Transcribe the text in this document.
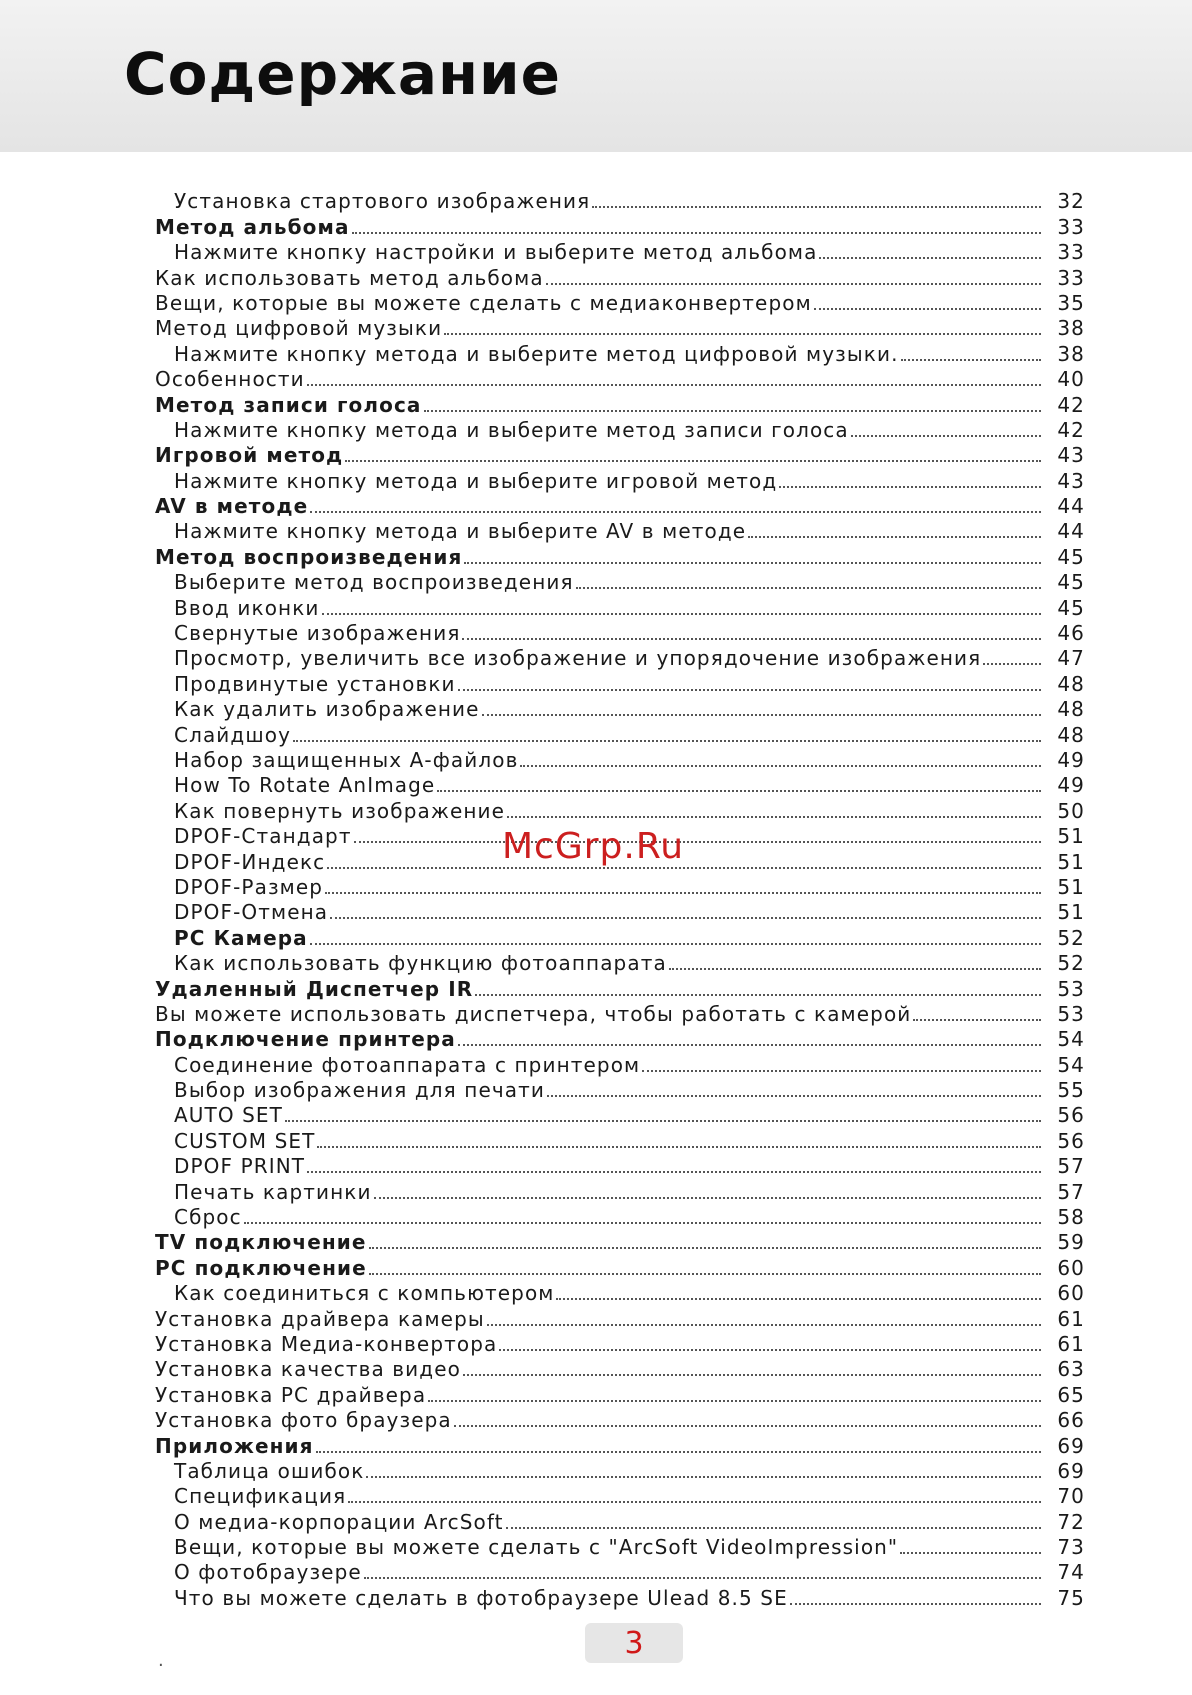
Содержание
Установка стартового изображения	32
Метод альбома	33
Нажмите кнопку настройки и выберите метод альбома	33
Как использовать метод альбома	33
Вещи, которые вы можете сделать с медиаконвертером	35
Метод цифровой музыки	38
Нажмите кнопку метода и выберите метод цифровой музыки.	38
Особенности	40
Метод записи голоса	42
Нажмите кнопку метода и выберите метод записи голоса	42
Игровой метод	43
Нажмите кнопку метода и выберите игровой метод	43
AV в методе	44
Нажмите кнопку метода и выберите AV в методе	44
Метод воспроизведения	45
Выберите метод воспроизведения	45
Ввод иконки	45
Свернутые изображения	46
Просмотр, увеличить все изображение и упорядочение изображения	47
Продвинутые установки	48
Как удалить изображение	48
Слайдшоу	48
Набор защищенных А-файлов	49
How To Rotate AnImage	49
Как повернуть изображение	50
DPOF-Стандарт	51
DPOF-Индекс	51
DPOF-Размер	51
DPOF-Отмена	51
PC Камера	52
Как использовать функцию фотоаппарата	52
Удаленный Диспетчер IR	53
Вы можете использовать диспетчера, чтобы работать с камерой	53
Подключение принтера	54
Соединение фотоаппарата с принтером	54
Выбор изображения для печати	55
AUTO SET	56
CUSTOM SET	56
DPOF PRINT	57
Печать картинки	57
Сброс	58
TV подключение	59
PC подключение	60
Как соединиться с компьютером	60
Установка драйвера камеры	61
Установка Медиа-конвертора	61
Установка качества видео	63
Установка PC драйвера	65
Установка фото браузера	66
Приложения	69
Таблица ошибок	69
Спецификация	70
О медиа-корпорации ArcSoft	72
Вещи, которые вы можете сделать с "ArcSoft VideoImpression"	73
О фотобраузере	74
Что вы можете сделать в фотобраузере Ulead 8.5 SE	75
McGrp.Ru
.	3
